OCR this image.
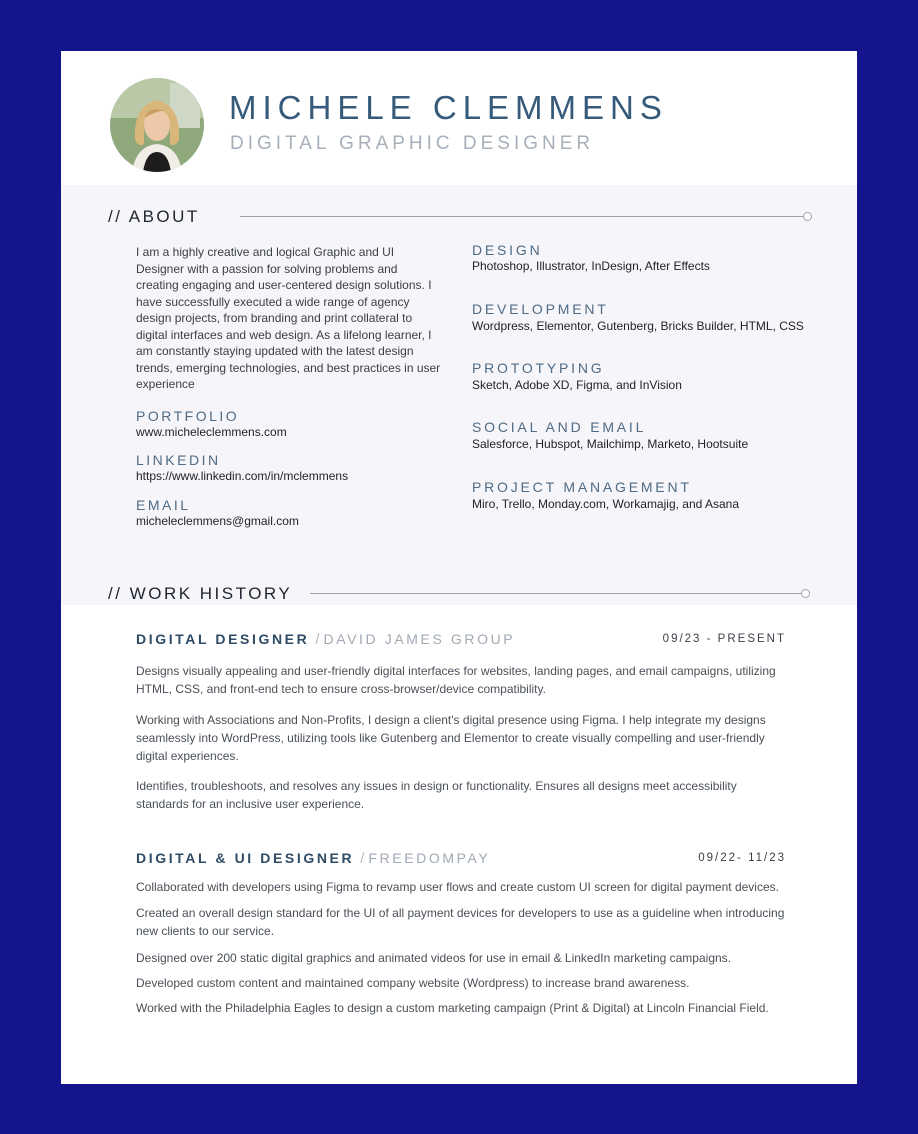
MICHELE CLEMMENS
DIGITAL GRAPHIC DESIGNER
// ABOUT
I am a highly creative and logical Graphic and UI Designer with a passion for solving problems and creating engaging and user-centered design solutions. I have successfully executed a wide range of agency design projects, from branding and print collateral to digital interfaces and web design. As a lifelong learner, I am constantly staying updated with the latest design trends, emerging technologies, and best practices in user experience
PORTFOLIO
www.micheleclemmens.com
LINKEDIN
https://www.linkedin.com/in/mclemmens
EMAIL
micheleclemmens@gmail.com
DESIGN
Photoshop, Illustrator, InDesign, After Effects
DEVELOPMENT
Wordpress, Elementor, Gutenberg, Bricks Builder, HTML, CSS
PROTOTYPING
Sketch, Adobe XD, Figma, and InVision
SOCIAL AND EMAIL
Salesforce, Hubspot, Mailchimp, Marketo, Hootsuite
PROJECT MANAGEMENT
Miro, Trello, Monday.com, Workamajig, and Asana
// WORK HISTORY
DIGITAL DESIGNER / DAVID JAMES GROUP	09/23 - PRESENT
Designs visually appealing and user-friendly digital interfaces for websites, landing pages, and email campaigns, utilizing HTML, CSS, and front-end tech to ensure cross-browser/device compatibility.
Working with Associations and Non-Profits, I design a client's digital presence using Figma. I help integrate my designs seamlessly into WordPress, utilizing tools like Gutenberg and Elementor to create visually compelling and user-friendly digital experiences.
Identifies, troubleshoots, and resolves any issues in design or functionality. Ensures all designs meet accessibility standards for an inclusive user experience.
DIGITAL & UI DESIGNER / FREEDOMPAY	09/22- 11/23
Collaborated with developers using Figma to revamp user flows and create custom UI screen for digital payment devices.
Created an overall design standard for the UI of all payment devices for developers to use as a guideline when introducing new clients to our service.
Designed over 200 static digital graphics and animated videos for use in email & LinkedIn marketing campaigns.
Developed custom content and maintained company website (Wordpress) to increase brand awareness.
Worked with the Philadelphia Eagles to design a custom marketing campaign (Print & Digital) at Lincoln Financial Field.
